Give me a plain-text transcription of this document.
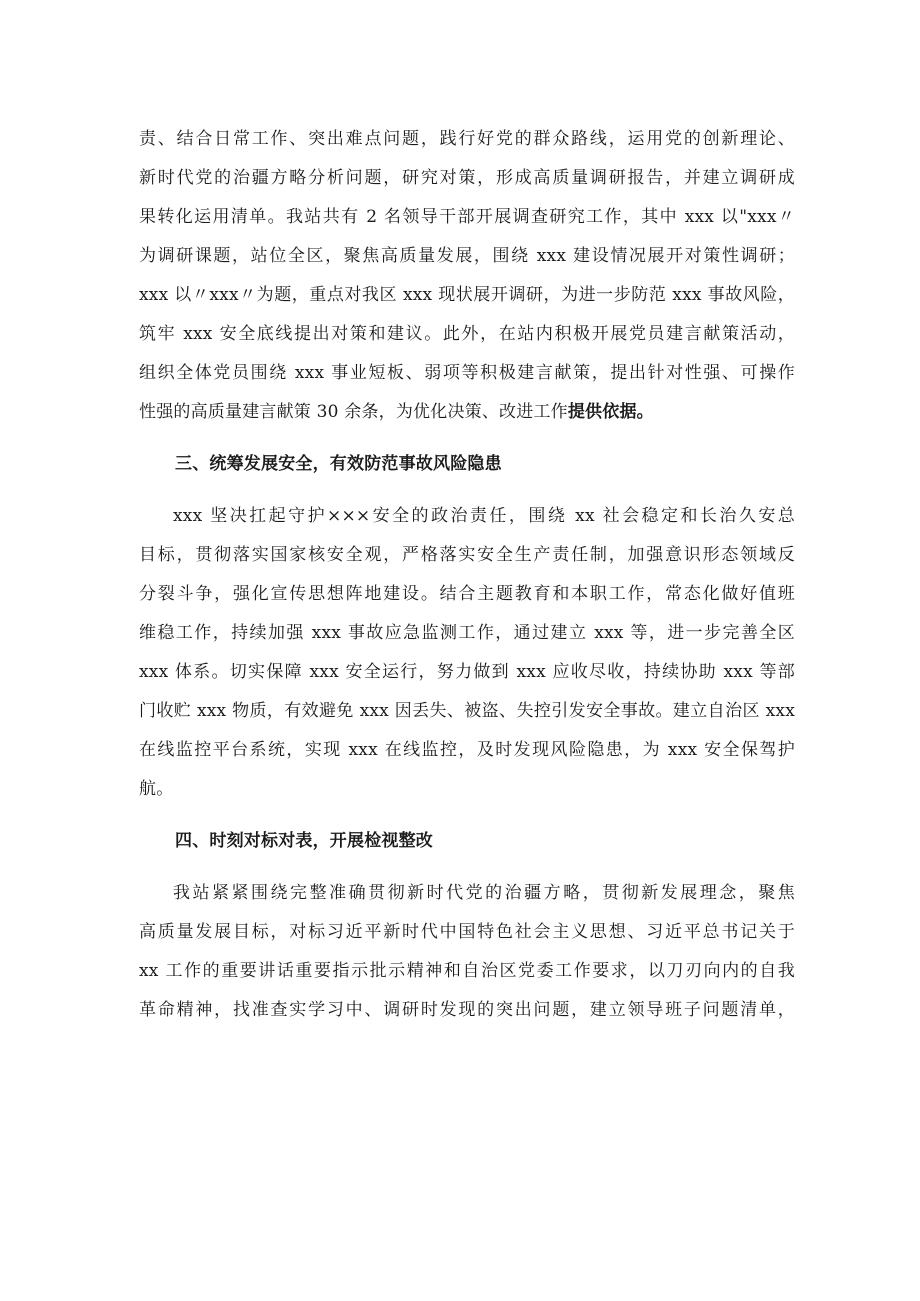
责、结合日常工作、突出难点问题，践行好党的群众路线，运用党的创新理论、
新时代党的治疆方略分析问题，研究对策，形成高质量调研报告，并建立调研成
果转化运用清单。我站共有 2 名领导干部开展调查研究工作，其中 xxx 以"xxx〃
为调研课题，站位全区，聚焦高质量发展，围绕 xxx 建设情况展开对策性调研；
xxx 以〃xxx〃为题，重点对我区 xxx 现状展开调研，为进一步防范 xxx 事故风险，
筑牢 xxx 安全底线提出对策和建议。此外，在站内积极开展党员建言献策活动，
组织全体党员围绕 xxx 事业短板、弱项等积极建言献策，提出针对性强、可操作
性强的高质量建言献策 30 余条，为优化决策、改进工作提供依据。
三、统筹发展安全，有效防范事故风险隐患
xxx 坚决扛起守护×××安全的政治责任，围绕 xx 社会稳定和长治久安总
目标，贯彻落实国家核安全观，严格落实安全生产责任制，加强意识形态领域反
分裂斗争，强化宣传思想阵地建设。结合主题教育和本职工作，常态化做好值班
维稳工作，持续加强 xxx 事故应急监测工作，通过建立 xxx 等，进一步完善全区
xxx 体系。切实保障 xxx 安全运行，努力做到 xxx 应收尽收，持续协助 xxx 等部
门收贮 xxx 物质，有效避免 xxx 因丢失、被盗、失控引发安全事故。建立自治区 xxx
在线监控平台系统，实现 xxx 在线监控，及时发现风险隐患，为 xxx 安全保驾护
航。
四、时刻对标对表，开展检视整改
我站紧紧围绕完整准确贯彻新时代党的治疆方略，贯彻新发展理念，聚焦
高质量发展目标，对标习近平新时代中国特色社会主义思想、习近平总书记关于
xx 工作的重要讲话重要指示批示精神和自治区党委工作要求，以刀刃向内的自我
革命精神，找准查实学习中、调研时发现的突出问题，建立领导班子问题清单，
